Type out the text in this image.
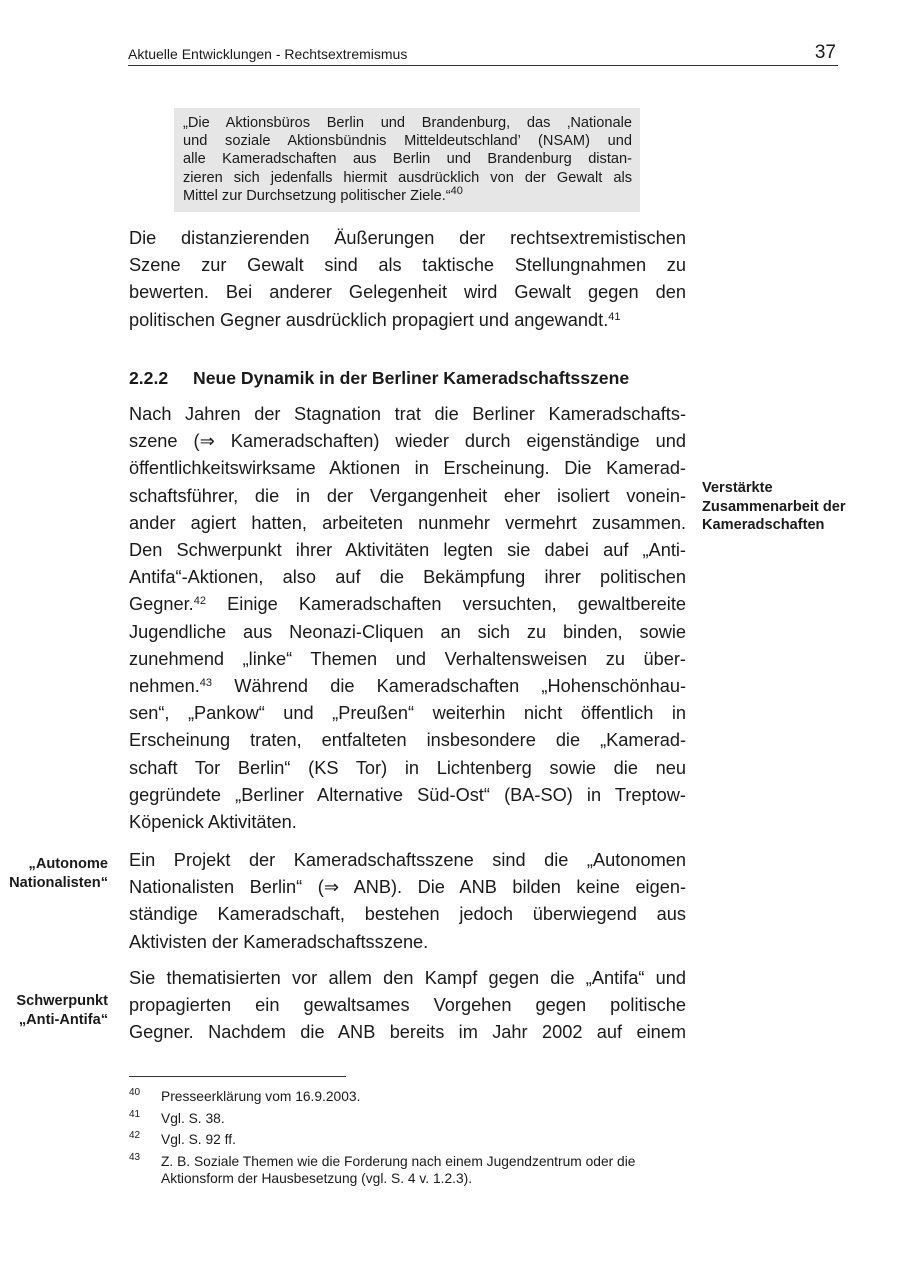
Aktuelle Entwicklungen - Rechtsextremismus	37
„Die Aktionsbüros Berlin und Brandenburg, das ‚Nationale
und soziale Aktionsbündnis Mitteldeutschland’ (NSAM) und
alle Kameradschaften aus Berlin und Brandenburg distan-
zieren sich jedenfalls hiermit ausdrücklich von der Gewalt als
Mittel zur Durchsetzung politischer Ziele.“$^{40}$
Die distanzierenden Äußerungen der rechtsextremistischen
Szene zur Gewalt sind als taktische Stellungnahmen zu
bewerten. Bei anderer Gelegenheit wird Gewalt gegen den
politischen Gegner ausdrücklich propagiert und angewandt.$^{41}$
2.2.2 Neue Dynamik in der Berliner Kameradschaftsszene
Nach Jahren der Stagnation trat die Berliner Kameradschafts-
szene (⇒ Kameradschaften) wieder durch eigenständige und
öffentlichkeitswirksame Aktionen in Erscheinung. Die Kamerad-
schaftsführer, die in der Vergangenheit eher isoliert vonein-
ander agiert hatten, arbeiteten nunmehr vermehrt zusammen.
Den Schwerpunkt ihrer Aktivitäten legten sie dabei auf „Anti-
Antifa“-Aktionen, also auf die Bekämpfung ihrer politischen
Gegner.$^{42}$ Einige Kameradschaften versuchten, gewaltbereite
Jugendliche aus Neonazi-Cliquen an sich zu binden, sowie
zunehmend „linke“ Themen und Verhaltensweisen zu über-
nehmen.$^{43}$ Während die Kameradschaften „Hohenschönhau-
sen“, „Pankow“ und „Preußen“ weiterhin nicht öffentlich in
Erscheinung traten, entfalteten insbesondere die „Kamerad-
schaft Tor Berlin“ (KS Tor) in Lichtenberg sowie die neu
gegründete „Berliner Alternative Süd-Ost“ (BA-SO) in Treptow-
Köpenick Aktivitäten.
Verstärkte
Zusammenarbeit der
Kameradschaften
Ein Projekt der Kameradschaftsszene sind die „Autonomen
Nationalisten Berlin“ (⇒ ANB). Die ANB bilden keine eigen-
ständige Kameradschaft, bestehen jedoch überwiegend aus
Aktivisten der Kameradschaftsszene.
„Autonome
Nationalisten“
Sie thematisierten vor allem den Kampf gegen die „Antifa“ und
propagierten ein gewaltsames Vorgehen gegen politische
Gegner. Nachdem die ANB bereits im Jahr 2002 auf einem
Schwerpunkt
„Anti-Antifa“
40 Presseerklärung vom 16.9.2003.
41 Vgl. S. 38.
42 Vgl. S. 92 ff.
43 Z. B. Soziale Themen wie die Forderung nach einem Jugendzentrum oder die
Aktionsform der Hausbesetzung (vgl. S. 4 v. 1.2.3).
